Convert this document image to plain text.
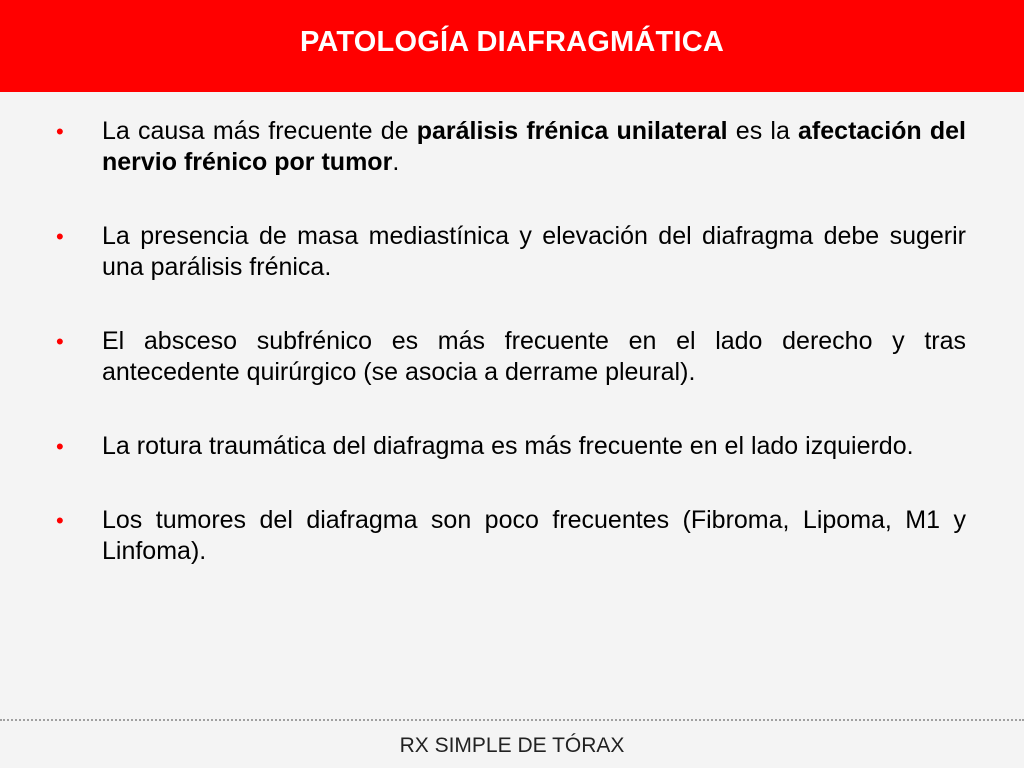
PATOLOGÍA DIAFRAGMÁTICA
• La causa más frecuente de parálisis frénica unilateral es la afectación del nervio frénico por tumor.
• La presencia de masa mediastínica y elevación del diafragma debe sugerir una parálisis frénica.
• El absceso subfrénico es más frecuente en el lado derecho y tras antecedente quirúrgico (se asocia a derrame pleural).
• La rotura traumática del diafragma es más frecuente en el lado izquierdo.
• Los tumores del diafragma son poco frecuentes (Fibroma, Lipoma, M1 y Linfoma).

RX SIMPLE DE TÓRAX
